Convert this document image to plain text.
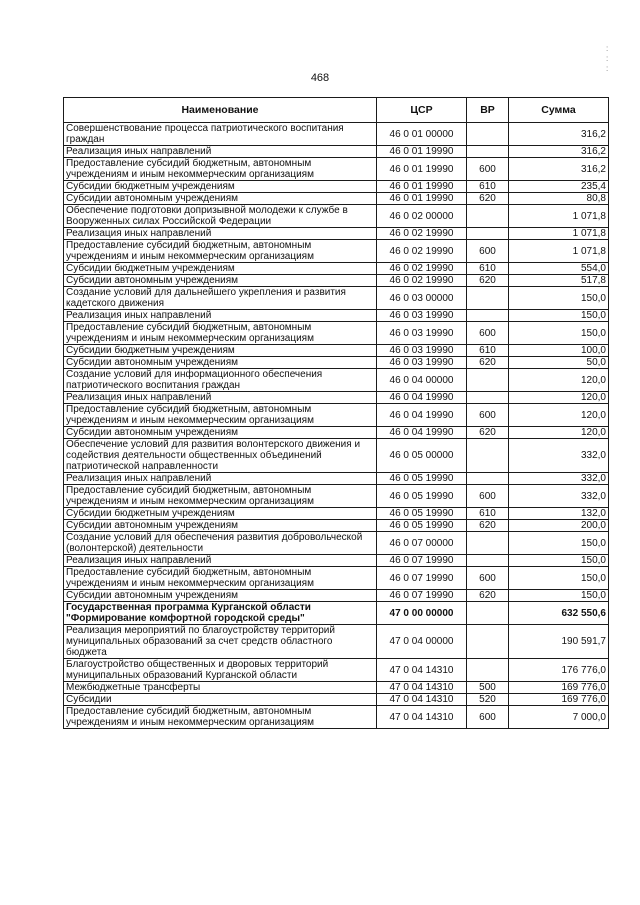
468
: : :
Наименование	ЦСР	ВР	Сумма
Совершенствование процесса патриотического воспитания граждан	46 0 01 00000		316,2
Реализация иных направлений	46 0 01 19990		316,2
Предоставление субсидий бюджетным, автономным учреждениям и иным некоммерческим организациям	46 0 01 19990	600	316,2
Субсидии бюджетным учреждениям	46 0 01 19990	610	235,4
Субсидии автономным учреждениям	46 0 01 19990	620	80,8
Обеспечение подготовки допризывной молодежи к службе в Вооруженных силах Российской Федерации	46 0 02 00000		1 071,8
Реализация иных направлений	46 0 02 19990		1 071,8
Предоставление субсидий бюджетным, автономным учреждениям и иным некоммерческим организациям	46 0 02 19990	600	1 071,8
Субсидии бюджетным учреждениям	46 0 02 19990	610	554,0
Субсидии автономным учреждениям	46 0 02 19990	620	517,8
Создание условий для дальнейшего укрепления и развития кадетского движения	46 0 03 00000		150,0
Реализация иных направлений	46 0 03 19990		150,0
Предоставление субсидий бюджетным, автономным учреждениям и иным некоммерческим организациям	46 0 03 19990	600	150,0
Субсидии бюджетным учреждениям	46 0 03 19990	610	100,0
Субсидии автономным учреждениям	46 0 03 19990	620	50,0
Создание условий для информационного обеспечения патриотического воспитания граждан	46 0 04 00000		120,0
Реализация иных направлений	46 0 04 19990		120,0
Предоставление субсидий бюджетным, автономным учреждениям и иным некоммерческим организациям	46 0 04 19990	600	120,0
Субсидии автономным учреждениям	46 0 04 19990	620	120,0
Обеспечение условий для развития волонтерского движения и содействия деятельности общественных объединений патриотической направленности	46 0 05 00000		332,0
Реализация иных направлений	46 0 05 19990		332,0
Предоставление субсидий бюджетным, автономным учреждениям и иным некоммерческим организациям	46 0 05 19990	600	332,0
Субсидии бюджетным учреждениям	46 0 05 19990	610	132,0
Субсидии автономным учреждениям	46 0 05 19990	620	200,0
Создание условий для обеспечения развития добровольческой (волонтерской) деятельности	46 0 07 00000		150,0
Реализация иных направлений	46 0 07 19990		150,0
Предоставление субсидий бюджетным, автономным учреждениям и иным некоммерческим организациям	46 0 07 19990	600	150,0
Субсидии автономным учреждениям	46 0 07 19990	620	150,0
Государственная программа Курганской области "Формирование комфортной городской среды"	47 0 00 00000		632 550,6
Реализация мероприятий по благоустройству территорий муниципальных образований за счет средств областного бюджета	47 0 04 00000		190 591,7
Благоустройство общественных и дворовых территорий муниципальных образований Курганской области	47 0 04 14310		176 776,0
Межбюджетные трансферты	47 0 04 14310	500	169 776,0
Субсидии	47 0 04 14310	520	169 776,0
Предоставление субсидий бюджетным, автономным учреждениям и иным некоммерческим организациям	47 0 04 14310	600	7 000,0
